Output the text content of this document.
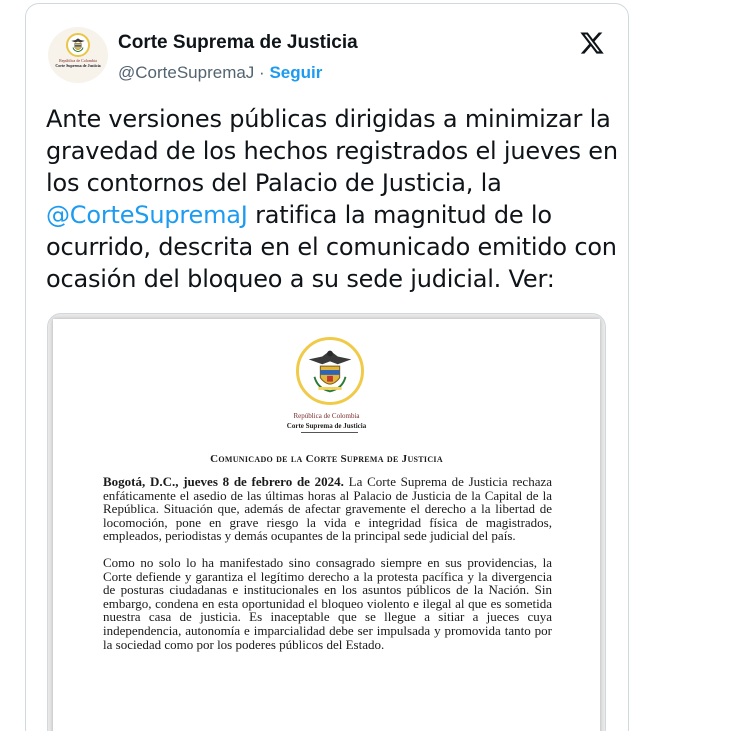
República de Colombia
Corte Suprema de Justicia
Corte Suprema de Justicia
@CorteSupremaJ · Seguir
Ante versiones públicas dirigidas a minimizar la gravedad de los hechos registrados el jueves en los contornos del Palacio de Justicia, la @CorteSupremaJ ratifica la magnitud de lo ocurrido, descrita en el comunicado emitido con ocasión del bloqueo a su sede judicial. Ver:
República de Colombia
Corte Suprema de Justicia
Comunicado de la Corte Suprema de Justicia

Bogotá, D.C., jueves 8 de febrero de 2024. La Corte Suprema de Justicia rechaza enfáticamente el asedio de las últimas horas al Palacio de Justicia de la Capital de la República. Situación que, además de afectar gravemente el derecho a la libertad de locomoción, pone en grave riesgo la vida e integridad física de magistrados, empleados, periodistas y demás ocupantes de la principal sede judicial del país.

Como no solo lo ha manifestado sino consagrado siempre en sus providencias, la Corte defiende y garantiza el legítimo derecho a la protesta pacífica y la divergencia de posturas ciudadanas e institucionales en los asuntos públicos de la Nación. Sin embargo, condena en esta oportunidad el bloqueo violento e ilegal al que es sometida nuestra casa de justicia. Es inaceptable que se llegue a sitiar a jueces cuya independencia, autonomía e imparcialidad debe ser impulsada y promovida tanto por la sociedad como por los poderes públicos del Estado.
